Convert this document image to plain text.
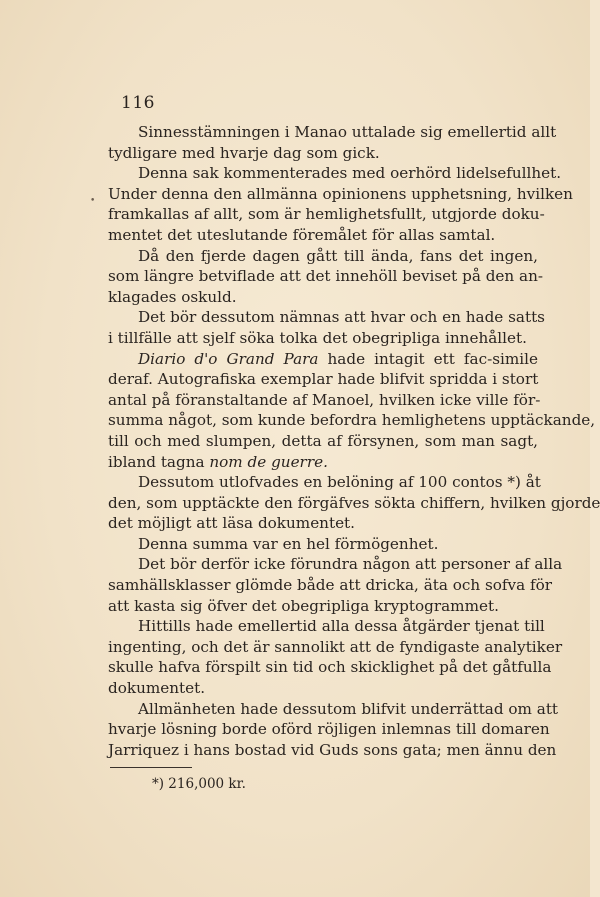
116
•
Sinnesstämningen i Manao uttalade sig emellertid allt
tydligare med hvarje dag som gick.
Denna sak kommenterades med oerhörd lidelsefullhet.
Under denna den allmänna opinionens upphetsning, hvilken
framkallas af allt, som är hemlighetsfullt, utgjorde doku-
mentet det uteslutande föremålet för allas samtal.
Då den fjerde dagen gått till ända, fans det ingen,
som längre betviflade att det innehöll beviset på den an-
klagades oskuld.
Det bör dessutom nämnas att hvar och en hade satts
i tillfälle att sjelf söka tolka det obegripliga innehållet.
Diario d'o Grand Para hade intagit ett fac-simile
deraf. Autografiska exemplar hade blifvit spridda i stort
antal på föranstaltande af Manoel, hvilken icke ville för-
summa något, som kunde befordra hemlighetens upptäckande,
till och med slumpen, detta af försynen, som man sagt,
ibland tagna nom de guerre.
Dessutom utlofvades en belöning af 100 contos *) åt
den, som upptäckte den förgäfves sökta chiffern, hvilken gjorde
det möjligt att läsa dokumentet.
Denna summa var en hel förmögenhet.
Det bör derför icke förundra någon att personer af alla
samhällsklasser glömde både att dricka, äta och sofva för
att kasta sig öfver det obegripliga kryptogrammet.
Hittills hade emellertid alla dessa åtgärder tjenat till
ingenting, och det är sannolikt att de fyndigaste analytiker
skulle hafva förspilt sin tid och skicklighet på det gåtfulla
dokumentet.
Allmänheten hade dessutom blifvit underrättad om att
hvarje lösning borde oförd röjligen inlemnas till domaren
Jarriquez i hans bostad vid Guds sons gata; men ännu den
*) 216,000 kr.
